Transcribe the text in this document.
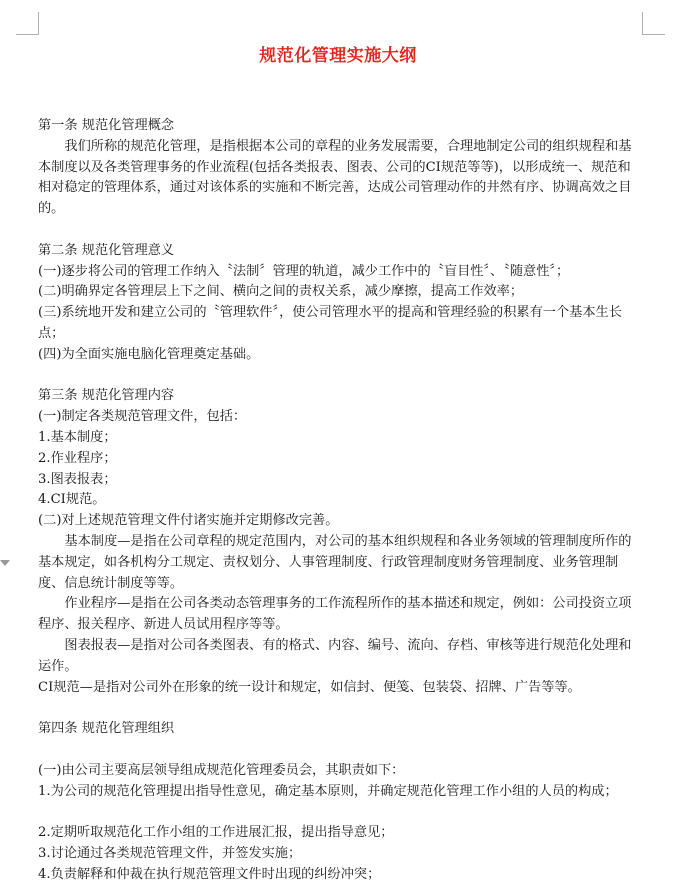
规范化管理实施大纲

第一条 规范化管理概念

我们所称的规范化管理，是指根据本公司的章程的业务发展需要，合理地制定公司的组织规程和基本制度以及各类管理事务的作业流程(包括各类报表、图表、公司的CI规范等等)，以形成统一、规范和相对稳定的管理体系，通过对该体系的实施和不断完善，达成公司管理动作的井然有序、协调高效之目的。

第二条 规范化管理意义

(一)逐步将公司的管理工作纳入〝法制〞管理的轨道，减少工作中的〝盲目性〞、〝随意性〞；

(二)明确界定各管理层上下之间、横向之间的责权关系，减少摩擦，提高工作效率；

(三)系统地开发和建立公司的〝管理软件〞，使公司管理水平的提高和管理经验的积累有一个基本生长点；

(四)为全面实施电脑化管理奠定基础。

第三条 规范化管理内容

(一)制定各类规范管理文件，包括：

1.基本制度；

2.作业程序；

3.图表报表；

4.CI规范。

(二)对上述规范管理文件付诸实施并定期修改完善。

基本制度—是指在公司章程的规定范围内，对公司的基本组织规程和各业务领域的管理制度所作的基本规定，如各机构分工规定、责权划分、人事管理制度、行政管理制度财务管理制度、业务管理制度、信息统计制度等等。

作业程序—是指在公司各类动态管理事务的工作流程所作的基本描述和规定，例如：公司投资立项程序、报关程序、新进人员试用程序等等。

图表报表—是指对公司各类图表、有的格式、内容、编号、流向、存档、审核等进行规范化处理和运作。

CI规范—是指对公司外在形象的统一设计和规定，如信封、便笺、包装袋、招牌、广告等等。

第四条 规范化管理组织

(一)由公司主要高层领导组成规范化管理委员会，其职责如下：

1.为公司的规范化管理提出指导性意见，确定基本原则，并确定规范化管理工作小组的人员的构成；

2.定期听取规范化工作小组的工作进展汇报，提出指导意见；

3.讨论通过各类规范管理文件，并签发实施；

4.负责解释和仲裁在执行规范管理文件时出现的纠纷冲突；
